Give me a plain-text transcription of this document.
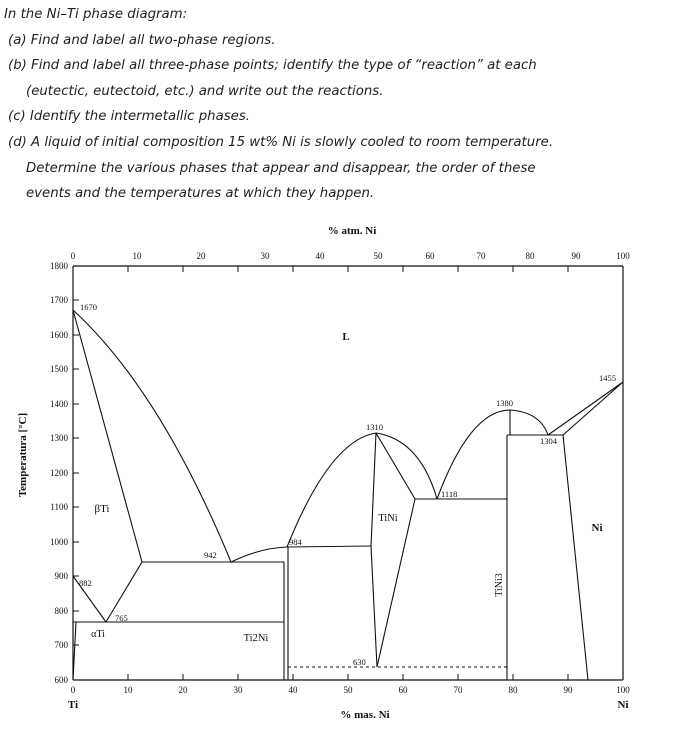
In the Ni–Ti phase diagram:
(a) Find and label all two-phase regions.
(b) Find and label all three-phase points; identify the type of “reaction” at each
(eutectic, eutectoid, etc.) and write out the reactions.
(c) Identify the intermetallic phases.
(d) A liquid of initial composition 15 wt% Ni is slowly cooled to room temperature.
Determine the various phases that appear and disappear, the order of these
events and the temperatures at which they happen.
0	10	20	30	40	50	60	70	80	90	100
0	10	20	30	40	50	60	70	80	90	100
1800
1700
1600
1500
1400
1300
1200
1100
1000
900
800
700
600
% atm. Ni
% mas. Ni
Temperatura [°C]
Ti	Ni
L
βTi
αTi	Ti2Ni
TiNi
TiNi3
Ni
1670
882
765
942
984
1310
630
1118
1380
1304
1455
